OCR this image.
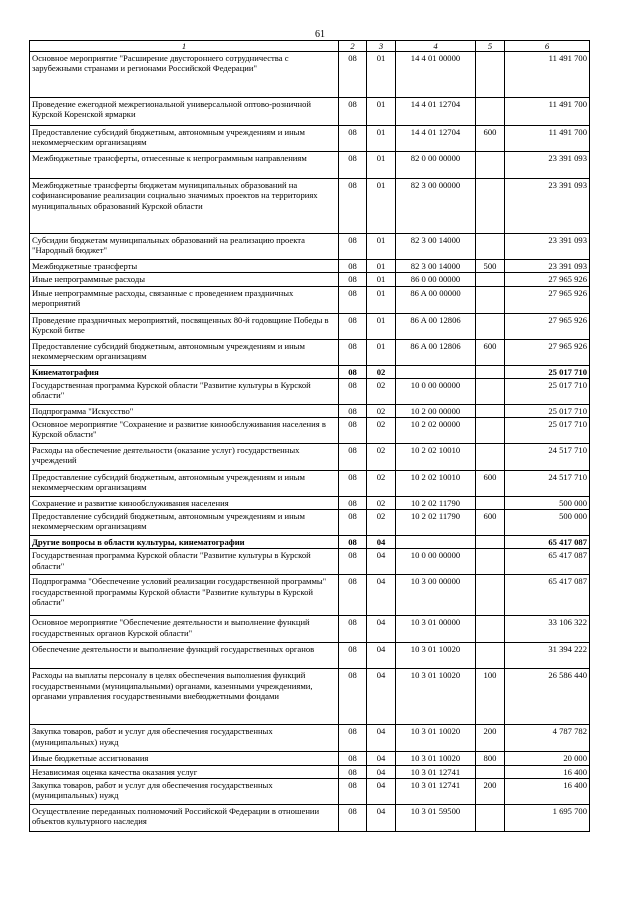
61
1	2	3	4	5	6
Основное мероприятие "Расширение двустороннего сотрудничества с зарубежными странами и регионами Российской Федерации"	08	01	14 4 01 00000		11 491 700
Проведение ежегодной межрегиональной универсальной оптово-розничной Курской Коренской ярмарки	08	01	14 4 01 12704		11 491 700
Предоставление субсидий бюджетным, автономным учреждениям и иным некоммерческим организациям	08	01	14 4 01 12704	600	11 491 700
Межбюджетные трансферты, отнесенные к непрограммным направлениям	08	01	82 0 00 00000		23 391 093
Межбюджетные трансферты бюджетам муниципальных образований на софинансирование реализации социально значимых проектов на территориях муниципальных образований Курской области	08	01	82 3 00 00000		23 391 093
Субсидии бюджетам муниципальных образований на реализацию проекта "Народный бюджет"	08	01	82 3 00 14000		23 391 093
Межбюджетные трансферты	08	01	82 3 00 14000	500	23 391 093
Иные непрограммные расходы	08	01	86 0 00 00000		27 965 926
Иные непрограммные расходы, связанные с проведением праздничных мероприятий	08	01	86 A 00 00000		27 965 926
Проведение праздничных мероприятий, посвященных 80-й годовщине Победы в Курской битве	08	01	86 A 00 12806		27 965 926
Предоставление субсидий бюджетным, автономным учреждениям и иным некоммерческим организациям	08	01	86 A 00 12806	600	27 965 926
Кинематография	08	02			25 017 710
Государственная программа Курской области "Развитие культуры в Курской области"	08	02	10 0 00 00000		25 017 710
Подпрограмма "Искусство"	08	02	10 2 00 00000		25 017 710
Основное мероприятие "Сохранение и развитие кинообслуживания населения в Курской области"	08	02	10 2 02 00000		25 017 710
Расходы на обеспечение деятельности (оказание услуг) государственных учреждений	08	02	10 2 02 10010		24 517 710
Предоставление субсидий бюджетным, автономным учреждениям и иным некоммерческим организациям	08	02	10 2 02 10010	600	24 517 710
Сохранение и развитие кинообслуживания населения	08	02	10 2 02 11790		500 000
Предоставление субсидий бюджетным, автономным учреждениям и иным некоммерческим организациям	08	02	10 2 02 11790	600	500 000
Другие вопросы в области культуры, кинематографии	08	04			65 417 087
Государственная программа Курской области "Развитие культуры в Курской области"	08	04	10 0 00 00000		65 417 087
Подпрограмма "Обеспечение условий реализации государственной программы" государственной программы Курской области "Развитие культуры в Курской области"	08	04	10 3 00 00000		65 417 087
Основное мероприятие "Обеспечение деятельности и выполнение функций государственных органов Курской области"	08	04	10 3 01 00000		33 106 322
Обеспечение деятельности и выполнение функций государственных органов	08	04	10 3 01 10020		31 394 222
Расходы на выплаты персоналу в целях обеспечения выполнения функций государственными (муниципальными) органами, казенными учреждениями, органами управления государственными внебюджетными фондами	08	04	10 3 01 10020	100	26 586 440
Закупка товаров, работ и услуг для обеспечения государственных (муниципальных) нужд	08	04	10 3 01 10020	200	4 787 782
Иные бюджетные ассигнования	08	04	10 3 01 10020	800	20 000
Независимая оценка качества оказания услуг	08	04	10 3 01 12741		16 400
Закупка товаров, работ и услуг для обеспечения государственных (муниципальных) нужд	08	04	10 3 01 12741	200	16 400
Осуществление переданных полномочий Российской Федерации в отношении объектов культурного наследия	08	04	10 3 01 59500		1 695 700
